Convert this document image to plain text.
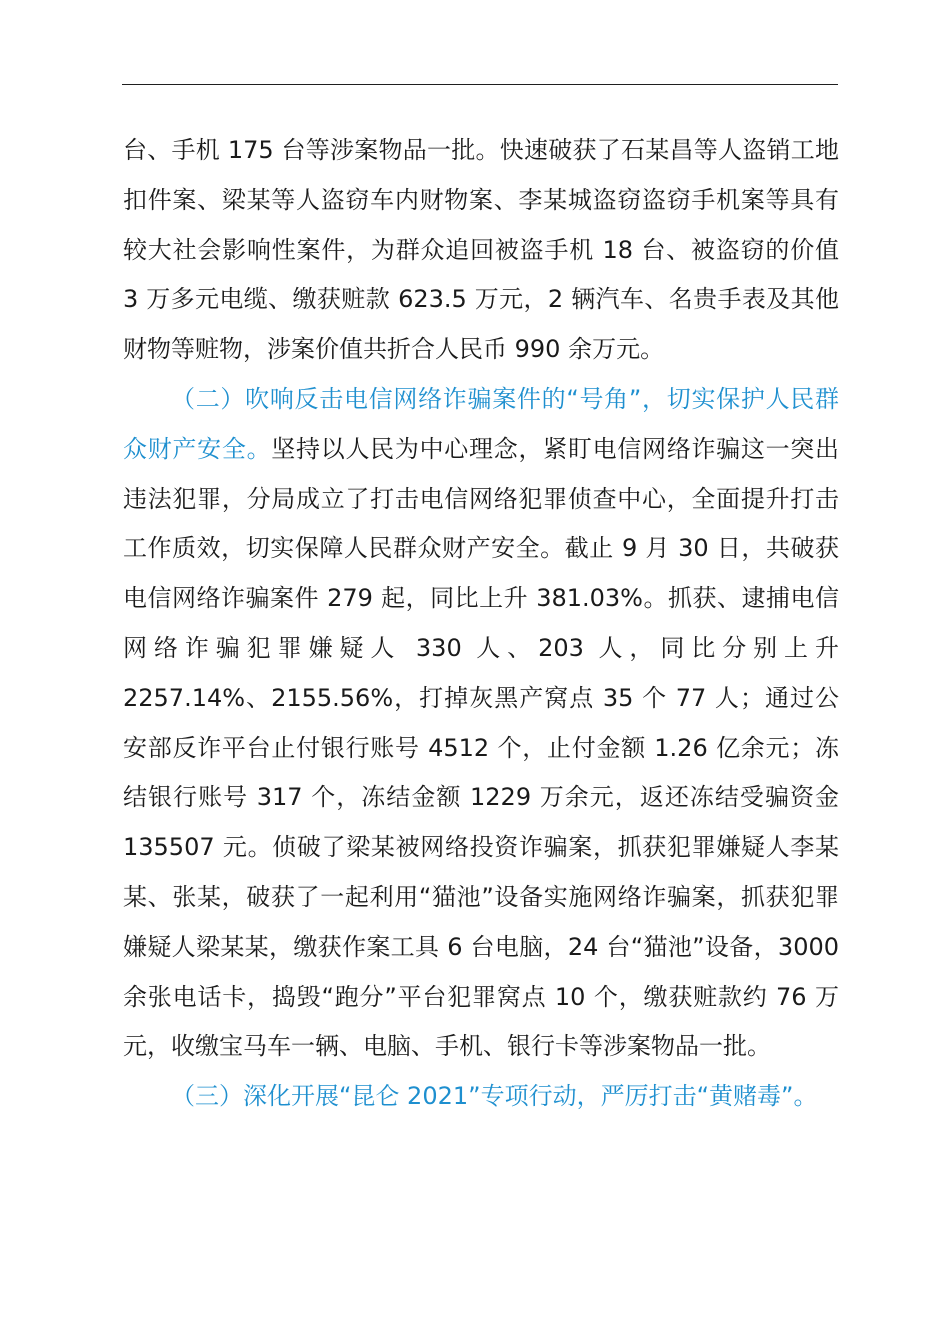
台、手机 175 台等涉案物品一批。快速破获了石某昌等人盗销工地扣件案、梁某等人盗窃车内财物案、李某城盗窃盗窃手机案等具有较大社会影响性案件，为群众追回被盗手机 18 台、被盗窃的价值 3 万多元电缆、缴获赃款 623.5 万元，2 辆汽车、名贵手表及其他财物等赃物，涉案价值共折合人民币 990 余万元。

（二）吹响反击电信网络诈骗案件的“号角”，切实保护人民群众财产安全。坚持以人民为中心理念，紧盯电信网络诈骗这一突出违法犯罪，分局成立了打击电信网络犯罪侦查中心，全面提升打击工作质效，切实保障人民群众财产安全。截止 9 月 30 日，共破获电信网络诈骗案件 279 起，同比上升 381.03%。抓获、逮捕电信网络诈骗犯罪嫌疑人 330 人、203 人，同比分别上升 2257.14%、2155.56%，打掉灰黑产窝点 35 个 77 人；通过公安部反诈平台止付银行账号 4512 个，止付金额 1.26 亿余元；冻结银行账号 317 个，冻结金额 1229 万余元，返还冻结受骗资金 135507 元。侦破了梁某被网络投资诈骗案，抓获犯罪嫌疑人李某某、张某，破获了一起利用“猫池”设备实施网络诈骗案，抓获犯罪嫌疑人梁某某，缴获作案工具 6 台电脑，24 台“猫池”设备，3000 余张电话卡，捣毁“跑分”平台犯罪窝点 10 个，缴获赃款约 76 万元，收缴宝马车一辆、电脑、手机、银行卡等涉案物品一批。

（三）深化开展“昆仑 2021”专项行动，严厉打击“黄赌毒”。
